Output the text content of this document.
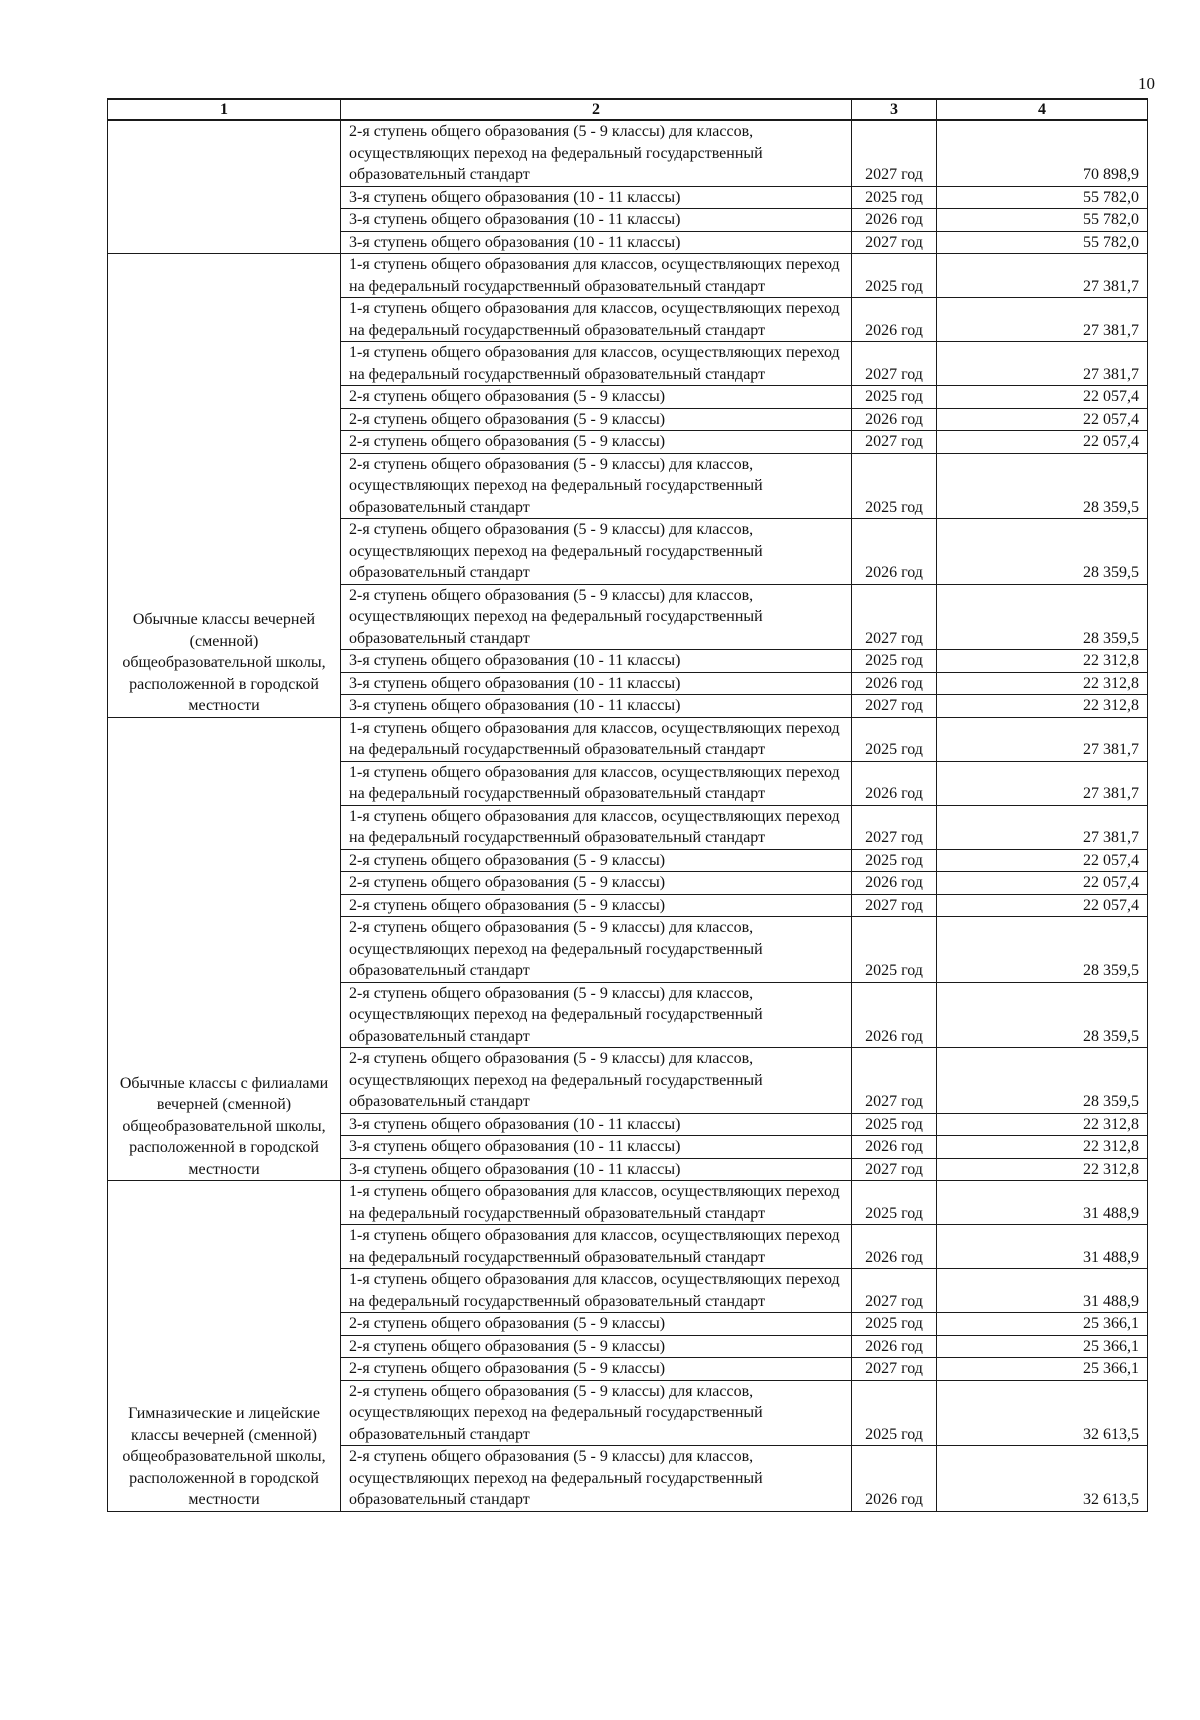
10
1	2	3	4
	2-я ступень общего образования (5 - 9 классы) для классов, осуществляющих переход на федеральный государственный образовательный стандарт	2027 год	70 898,9
	3-я ступень общего образования (10 - 11 классы)	2025 год	55 782,0
	3-я ступень общего образования (10 - 11 классы)	2026 год	55 782,0
	3-я ступень общего образования (10 - 11 классы)	2027 год	55 782,0
Обычные классы вечерней (сменной) общеобразовательной школы, расположенной в городской местности	1-я ступень общего образования для классов, осуществляющих переход на федеральный государственный образовательный стандарт	2025 год	27 381,7
	1-я ступень общего образования для классов, осуществляющих переход на федеральный государственный образовательный стандарт	2026 год	27 381,7
	1-я ступень общего образования для классов, осуществляющих переход на федеральный государственный образовательный стандарт	2027 год	27 381,7
	2-я ступень общего образования (5 - 9 классы)	2025 год	22 057,4
	2-я ступень общего образования (5 - 9 классы)	2026 год	22 057,4
	2-я ступень общего образования (5 - 9 классы)	2027 год	22 057,4
	2-я ступень общего образования (5 - 9 классы) для классов, осуществляющих переход на федеральный государственный образовательный стандарт	2025 год	28 359,5
	2-я ступень общего образования (5 - 9 классы) для классов, осуществляющих переход на федеральный государственный образовательный стандарт	2026 год	28 359,5
	2-я ступень общего образования (5 - 9 классы) для классов, осуществляющих переход на федеральный государственный образовательный стандарт	2027 год	28 359,5
	3-я ступень общего образования (10 - 11 классы)	2025 год	22 312,8
	3-я ступень общего образования (10 - 11 классы)	2026 год	22 312,8
	3-я ступень общего образования (10 - 11 классы)	2027 год	22 312,8
Обычные классы с филиалами вечерней (сменной) общеобразовательной школы, расположенной в городской местности	1-я ступень общего образования для классов, осуществляющих переход на федеральный государственный образовательный стандарт	2025 год	27 381,7
	1-я ступень общего образования для классов, осуществляющих переход на федеральный государственный образовательный стандарт	2026 год	27 381,7
	1-я ступень общего образования для классов, осуществляющих переход на федеральный государственный образовательный стандарт	2027 год	27 381,7
	2-я ступень общего образования (5 - 9 классы)	2025 год	22 057,4
	2-я ступень общего образования (5 - 9 классы)	2026 год	22 057,4
	2-я ступень общего образования (5 - 9 классы)	2027 год	22 057,4
	2-я ступень общего образования (5 - 9 классы) для классов, осуществляющих переход на федеральный государственный образовательный стандарт	2025 год	28 359,5
	2-я ступень общего образования (5 - 9 классы) для классов, осуществляющих переход на федеральный государственный образовательный стандарт	2026 год	28 359,5
	2-я ступень общего образования (5 - 9 классы) для классов, осуществляющих переход на федеральный государственный образовательный стандарт	2027 год	28 359,5
	3-я ступень общего образования (10 - 11 классы)	2025 год	22 312,8
	3-я ступень общего образования (10 - 11 классы)	2026 год	22 312,8
	3-я ступень общего образования (10 - 11 классы)	2027 год	22 312,8
Гимназические и лицейские классы вечерней (сменной) общеобразовательной школы, расположенной в городской местности	1-я ступень общего образования для классов, осуществляющих переход на федеральный государственный образовательный стандарт	2025 год	31 488,9
	1-я ступень общего образования для классов, осуществляющих переход на федеральный государственный образовательный стандарт	2026 год	31 488,9
	1-я ступень общего образования для классов, осуществляющих переход на федеральный государственный образовательный стандарт	2027 год	31 488,9
	2-я ступень общего образования (5 - 9 классы)	2025 год	25 366,1
	2-я ступень общего образования (5 - 9 классы)	2026 год	25 366,1
	2-я ступень общего образования (5 - 9 классы)	2027 год	25 366,1
	2-я ступень общего образования (5 - 9 классы) для классов, осуществляющих переход на федеральный государственный образовательный стандарт	2025 год	32 613,5
	2-я ступень общего образования (5 - 9 классы) для классов, осуществляющих переход на федеральный государственный образовательный стандарт	2026 год	32 613,5
